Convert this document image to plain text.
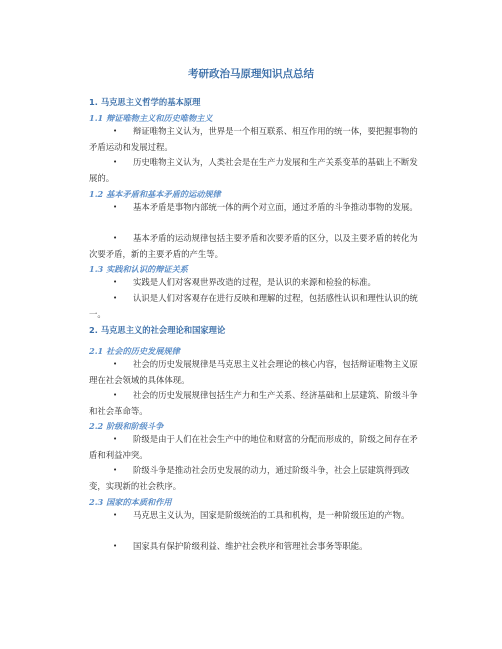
考研政治马原理知识点总结
1. 马克思主义哲学的基本原理
1.1 辩证唯物主义和历史唯物主义
•	辩证唯物主义认为，世界是一个相互联系、相互作用的统一体，要把握事物的矛盾运动和发展过程。
•	历史唯物主义认为，人类社会是在生产力发展和生产关系变革的基础上不断发展的。
1.2 基本矛盾和基本矛盾的运动规律
•	基本矛盾是事物内部统一体的两个对立面，通过矛盾的斗争推动事物的发展。
•	基本矛盾的运动规律包括主要矛盾和次要矛盾的区分，以及主要矛盾的转化为次要矛盾，新的主要矛盾的产生等。
1.3 实践和认识的辩证关系
•	实践是人们对客观世界改造的过程，是认识的来源和检验的标准。
•	认识是人们对客观存在进行反映和理解的过程，包括感性认识和理性认识的统一。
2. 马克思主义的社会理论和国家理论
2.1 社会的历史发展规律
•	社会的历史发展规律是马克思主义社会理论的核心内容，包括辩证唯物主义原理在社会领域的具体体现。
•	社会的历史发展规律包括生产力和生产关系、经济基础和上层建筑、阶级斗争和社会革命等。
2.2 阶级和阶级斗争
•	阶级是由于人们在社会生产中的地位和财富的分配而形成的，阶级之间存在矛盾和利益冲突。
•	阶级斗争是推动社会历史发展的动力，通过阶级斗争，社会上层建筑得到改变，实现新的社会秩序。
2.3 国家的本质和作用
•	马克思主义认为，国家是阶级统治的工具和机构，是一种阶级压迫的产物。
•	国家具有保护阶级利益、维护社会秩序和管理社会事务等职能。
